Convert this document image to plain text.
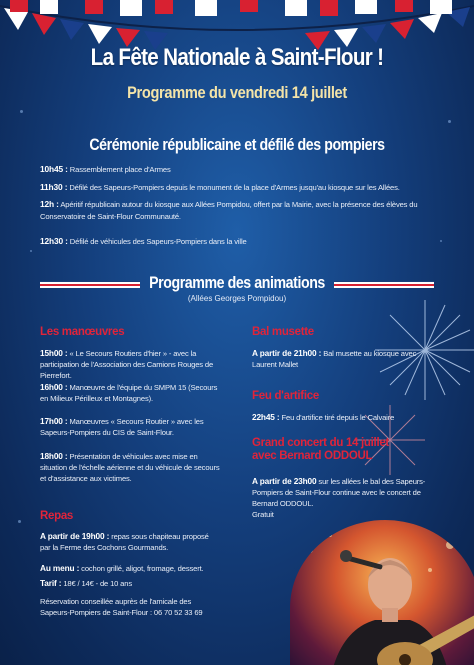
La Fête Nationale à Saint-Flour !
Programme du vendredi 14 juillet
Cérémonie républicaine et défilé des pompiers
10h45 : Rassemblement place d'Armes
11h30 : Défilé des Sapeurs-Pompiers depuis le monument de la place d'Armes jusqu'au kiosque sur les Allées.
12h : Apéritif républicain autour du kiosque aux Allées Pompidou, offert par la Mairie, avec la présence des élèves du Conservatoire de Saint-Flour Communauté.
12h30 : Défilé de véhicules des Sapeurs-Pompiers dans la ville
Programme des animations
(Allées Georges Pompidou)
Les manœuvres
15h00 : « Le Secours Routiers d'hier » - avec la participation de l'Association des Camions Rouges de Pierrefort.
16h00 : Manœuvre de l'équipe du SMPM 15 (Secours en Milieux Périlleux et Montagnes).
17h00 : Manœuvres « Secours Routier » avec les Sapeurs-Pompiers du CIS de Saint-Flour.
18h00 : Présentation de véhicules avec mise en situation de l'échelle aérienne et du véhicule de secours et d'assistance aux victimes.
Repas
A partir de 19h00 : repas sous chapiteau proposé par la Ferme des Cochons Gourmands.
Au menu : cochon grillé, aligot, fromage, dessert.
Tarif : 18€ / 14€ - de 10 ans
Réservation conseillée auprès de l'amicale des Sapeurs-Pompiers de Saint-Flour : 06 70 52 33 69
Bal musette
A partir de 21h00 : Bal musette au kiosque avec Laurent Mallet
Feu d'artifice
22h45 : Feu d'artifice tiré depuis le Calvaire
Grand concert du 14 juillet
avec Bernard ODDOUL
A partir de 23h00 sur les allées le bal des Sapeurs-Pompiers de Saint-Flour continue avec le concert de Bernard ODDOUL.
Gratuit
